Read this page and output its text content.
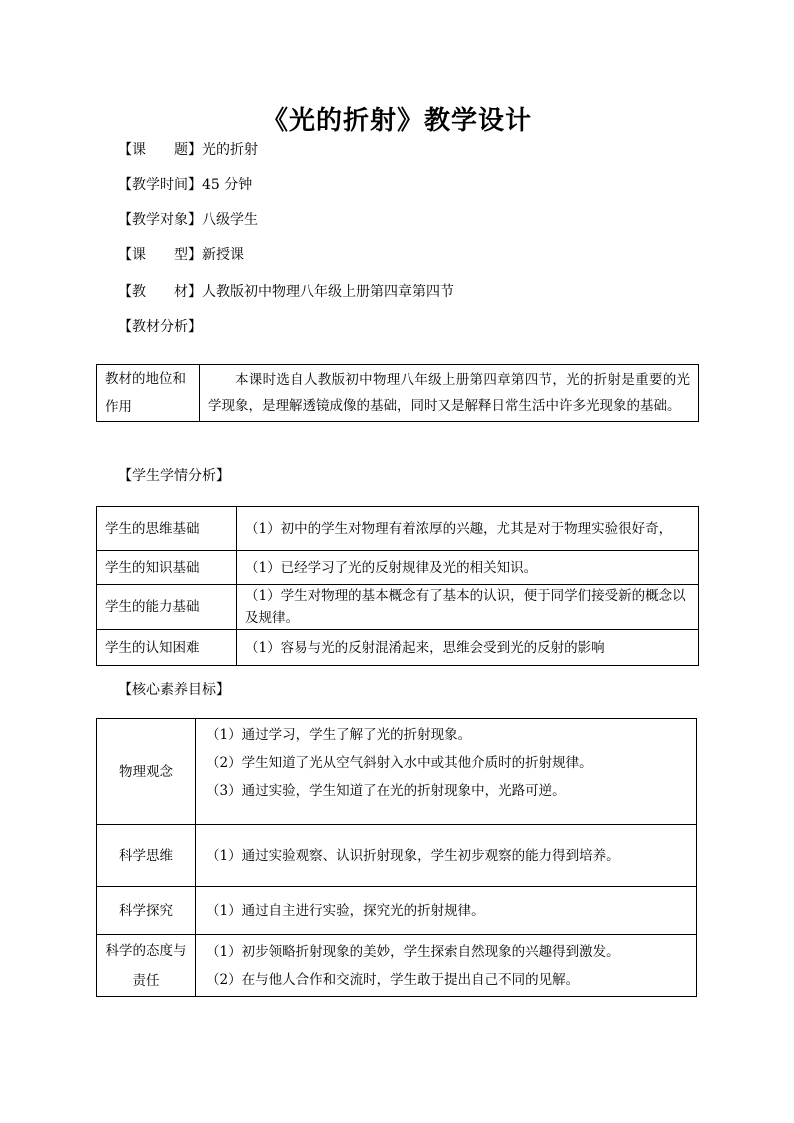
《光的折射》教学设计
【课　　题】光的折射
【教学时间】45 分钟
【教学对象】八级学生
【课　　型】新授课
【教　　材】人教版初中物理八年级上册第四章第四节
【教材分析】
教材的地位和作用	本课时选自人教版初中物理八年级上册第四章第四节，光的折射是重要的光学现象，是理解透镜成像的基础，同时又是解释日常生活中许多光现象的基础。
【学生学情分析】
学生的思维基础	（1）初中的学生对物理有着浓厚的兴趣，尤其是对于物理实验很好奇，
学生的知识基础	（1）已经学习了光的反射规律及光的相关知识。
学生的能力基础	（1）学生对物理的基本概念有了基本的认识，便于同学们接受新的概念以及规律。
学生的认知困难	（1）容易与光的反射混淆起来，思维会受到光的反射的影响
【核心素养目标】
物理观念	（1）通过学习，学生了解了光的折射现象。

（2）学生知道了光从空气斜射入水中或其他介质时的折射规律。

（3）通过实验，学生知道了在光的折射现象中，光路可逆。

科学思维	（1）通过实验观察、认识折射现象，学生初步观察的能力得到培养。

科学探究	（1）通过自主进行实验，探究光的折射规律。

科学的态度与责任	（1）初步领略折射现象的美妙，学生探索自然现象的兴趣得到激发。

（2）在与他人合作和交流时，学生敢于提出自己不同的见解。
